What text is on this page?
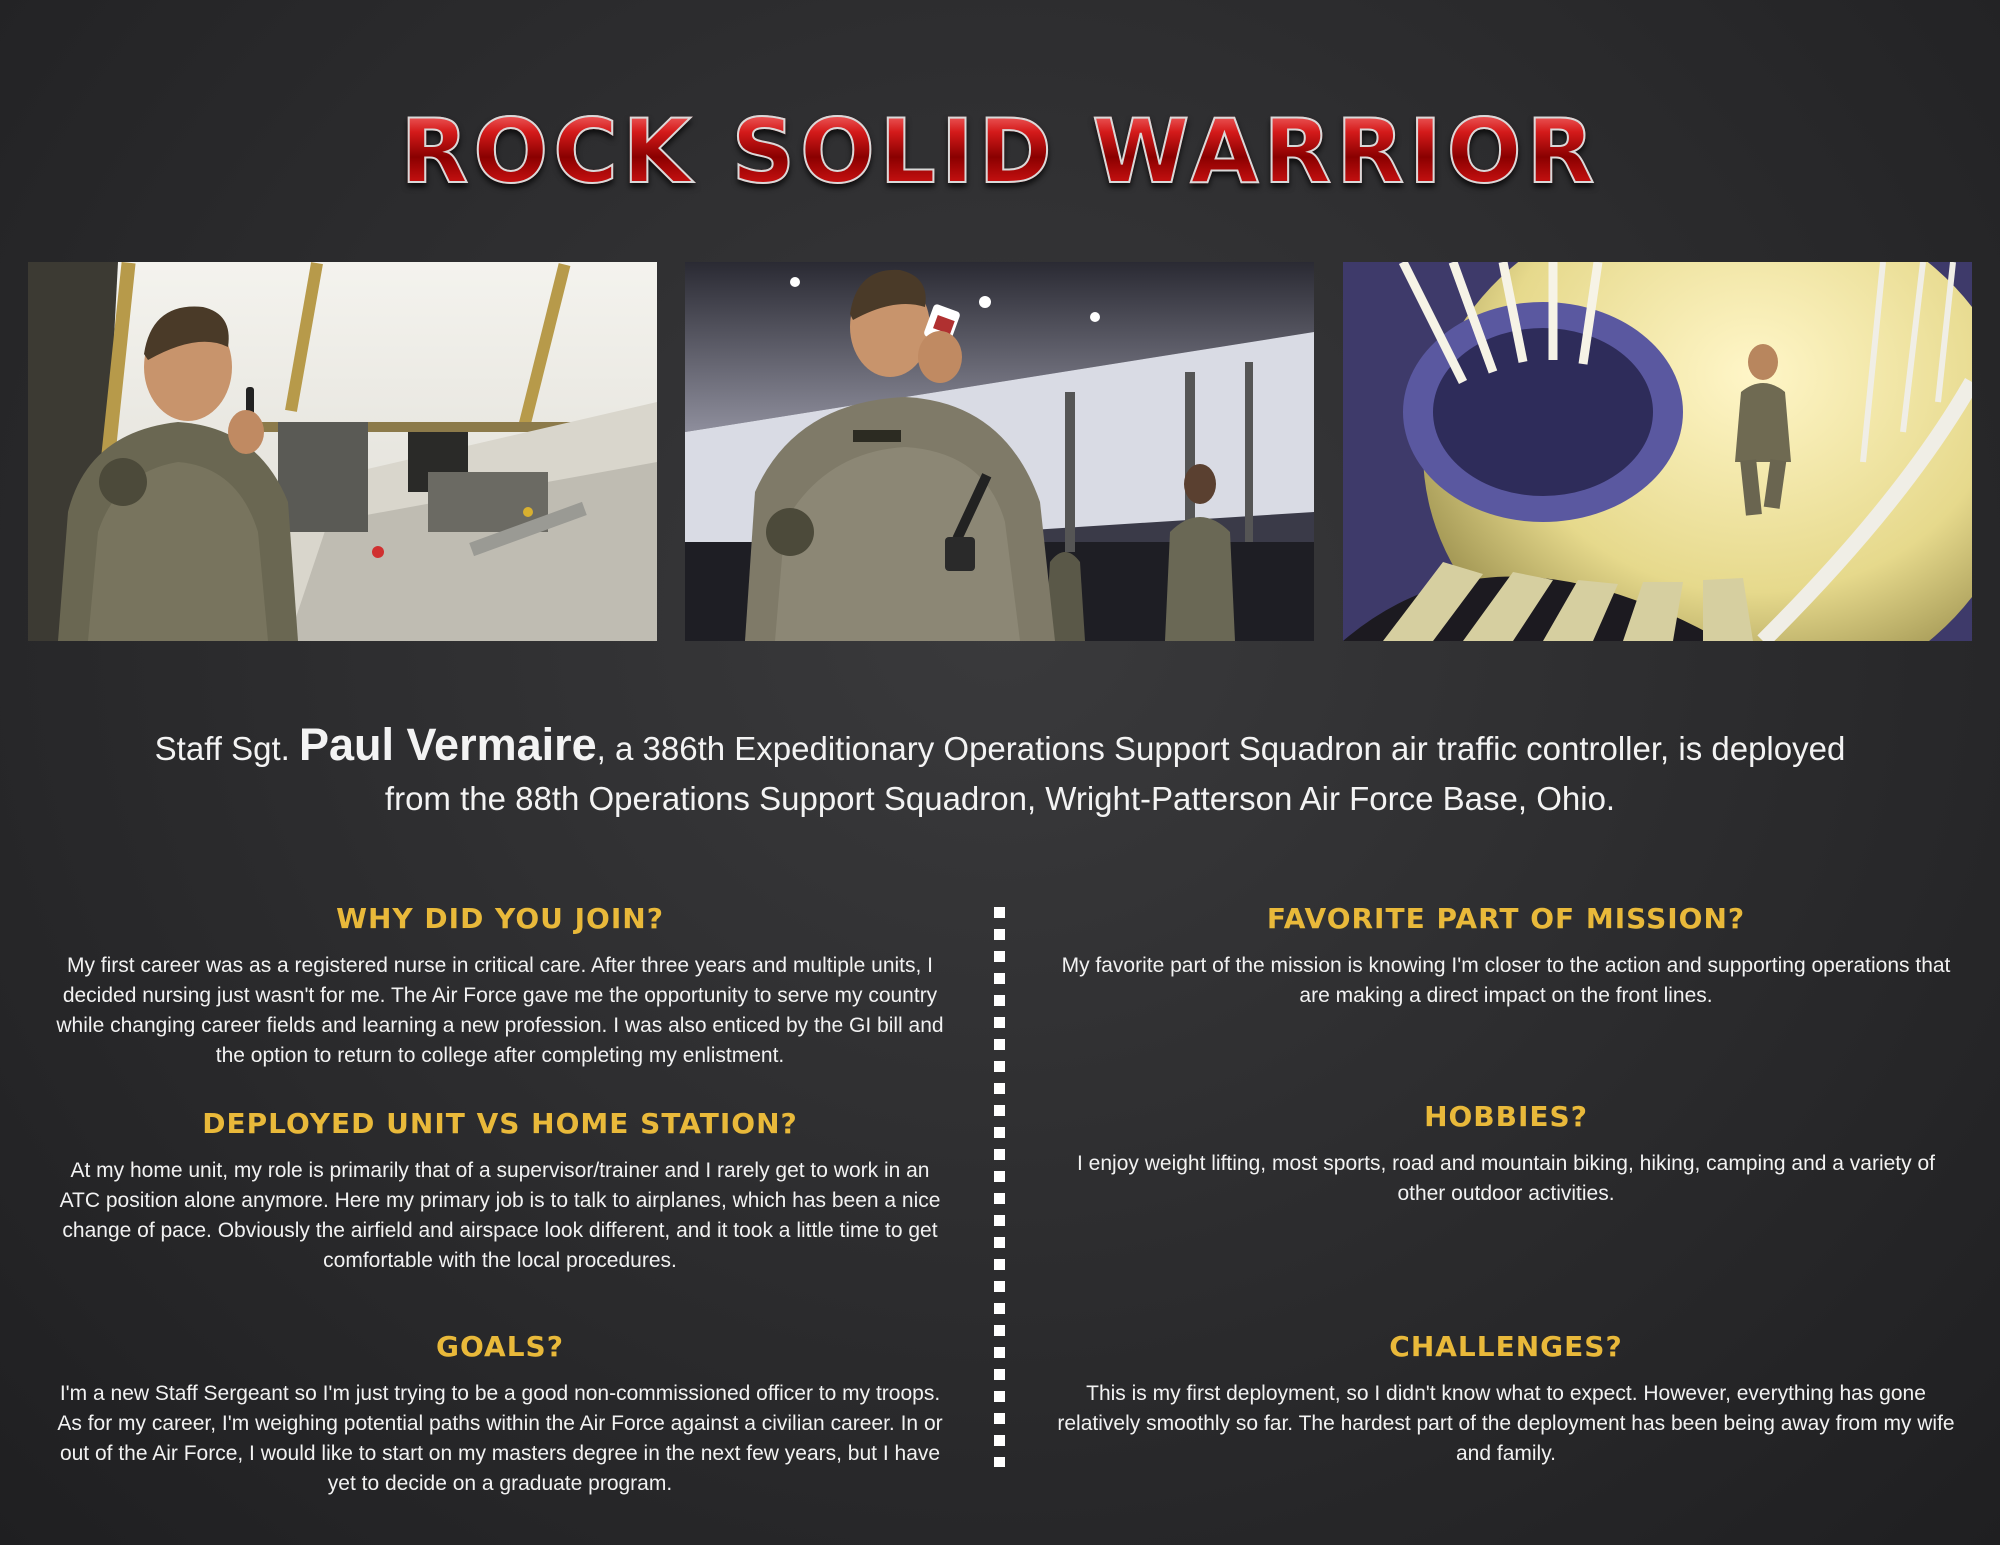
ROCK SOLID WARRIOR
Staff Sgt. Paul Vermaire, a 386th Expeditionary Operations Support Squadron air traffic controller, is deployed from the 88th Operations Support Squadron, Wright-Patterson Air Force Base, Ohio.
WHY DID YOU JOIN?
My first career was as a registered nurse in critical care. After three years and multiple units, I decided nursing just wasn't for me. The Air Force gave me the opportunity to serve my country while changing career fields and learning a new profession. I was also enticed by the GI bill and the option to return to college after completing my enlistment.
DEPLOYED UNIT VS HOME STATION?
At my home unit, my role is primarily that of a supervisor/trainer and I rarely get to work in an ATC position alone anymore. Here my primary job is to talk to airplanes, which has been a nice change of pace. Obviously the airfield and airspace look different, and it took a little time to get comfortable with the local procedures.
GOALS?
I'm a new Staff Sergeant so I'm just trying to be a good non-commissioned officer to my troops. As for my career, I'm weighing potential paths within the Air Force against a civilian career. In or out of the Air Force, I would like to start on my masters degree in the next few years, but I have yet to decide on a graduate program.
FAVORITE PART OF MISSION?
My favorite part of the mission is knowing I'm closer to the action and supporting operations that are making a direct impact on the front lines.
HOBBIES?
I enjoy weight lifting, most sports, road and mountain biking, hiking, camping and a variety of other outdoor activities.
CHALLENGES?
This is my first deployment, so I didn't know what to expect. However, everything has gone relatively smoothly so far. The hardest part of the deployment has been being away from my wife and family.
